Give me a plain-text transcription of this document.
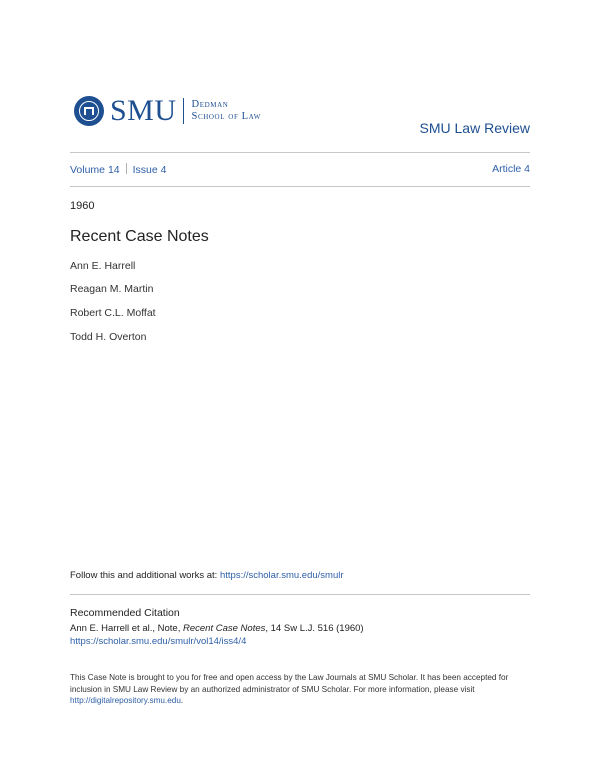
SMU Dedman
School of Law
SMU Law Review
Volume 14 Issue 4	Article 4
1960
Recent Case Notes
Ann E. Harrell
Reagan M. Martin
Robert C.L. Moffat
Todd H. Overton
Follow this and additional works at: https://scholar.smu.edu/smulr
Recommended Citation
Ann E. Harrell et al., Note, Recent Case Notes, 14 Sw L.J. 516 (1960)
https://scholar.smu.edu/smulr/vol14/iss4/4
This Case Note is brought to you for free and open access by the Law Journals at SMU Scholar. It has been accepted for inclusion in SMU Law Review by an authorized administrator of SMU Scholar. For more information, please visit http://digitalrepository.smu.edu.
